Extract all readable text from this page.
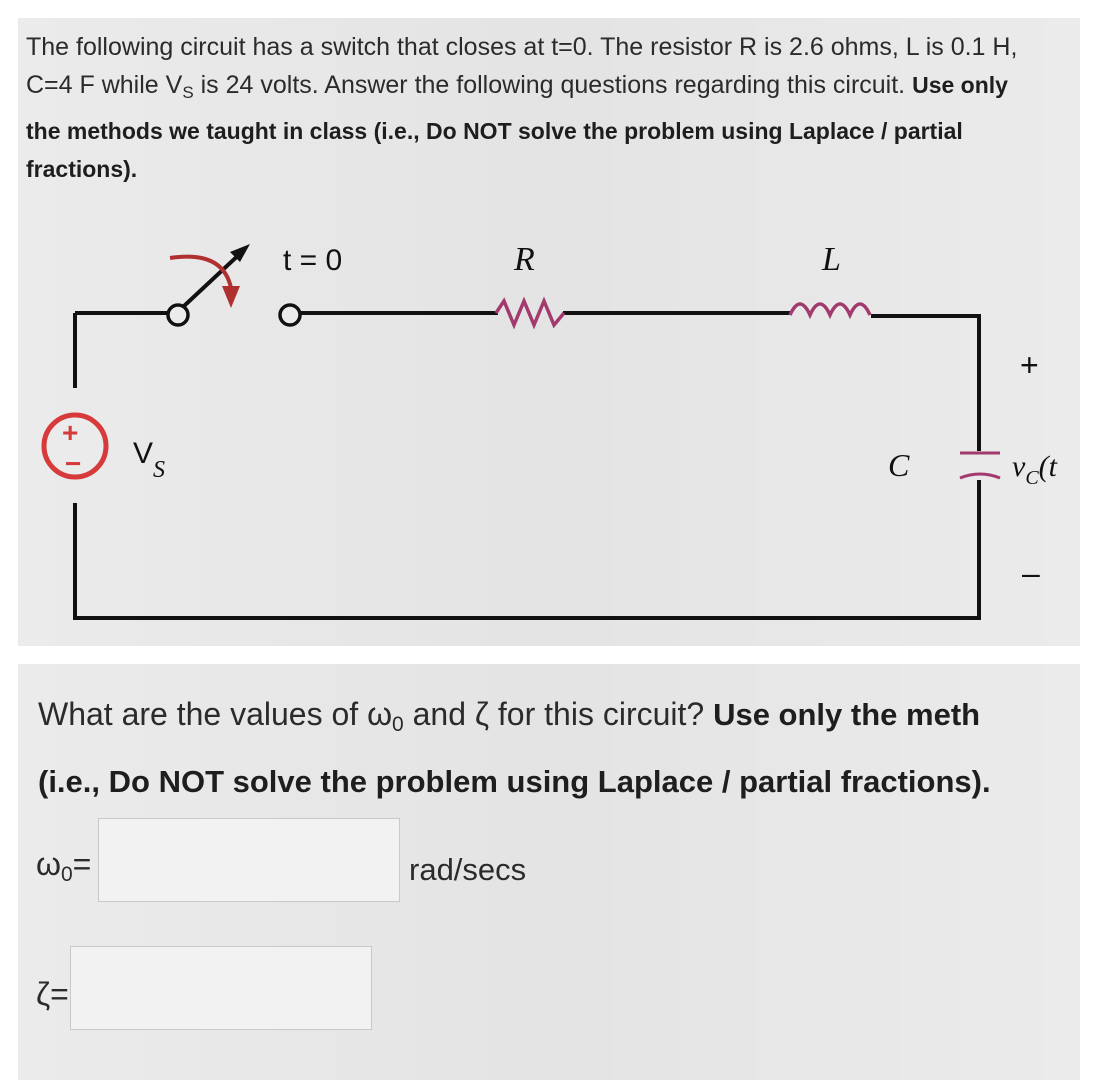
The following circuit has a switch that closes at t=0. The resistor R is 2.6 ohms, L is 0.1 H,
C=4 F while $V_S$ is 24 volts. Answer the following questions regarding this circuit. Use only
the methods we taught in class (i.e., Do NOT solve the problem using Laplace / partial
fractions).
t = 0	R	L
C
+
–
$v_C(t$
+
− $V_S$
What are the values of ω0 and ζ for this circuit? Use only the meth
(i.e., Do NOT solve the problem using Laplace / partial fractions).
ω0=	rad/secs
ζ=
